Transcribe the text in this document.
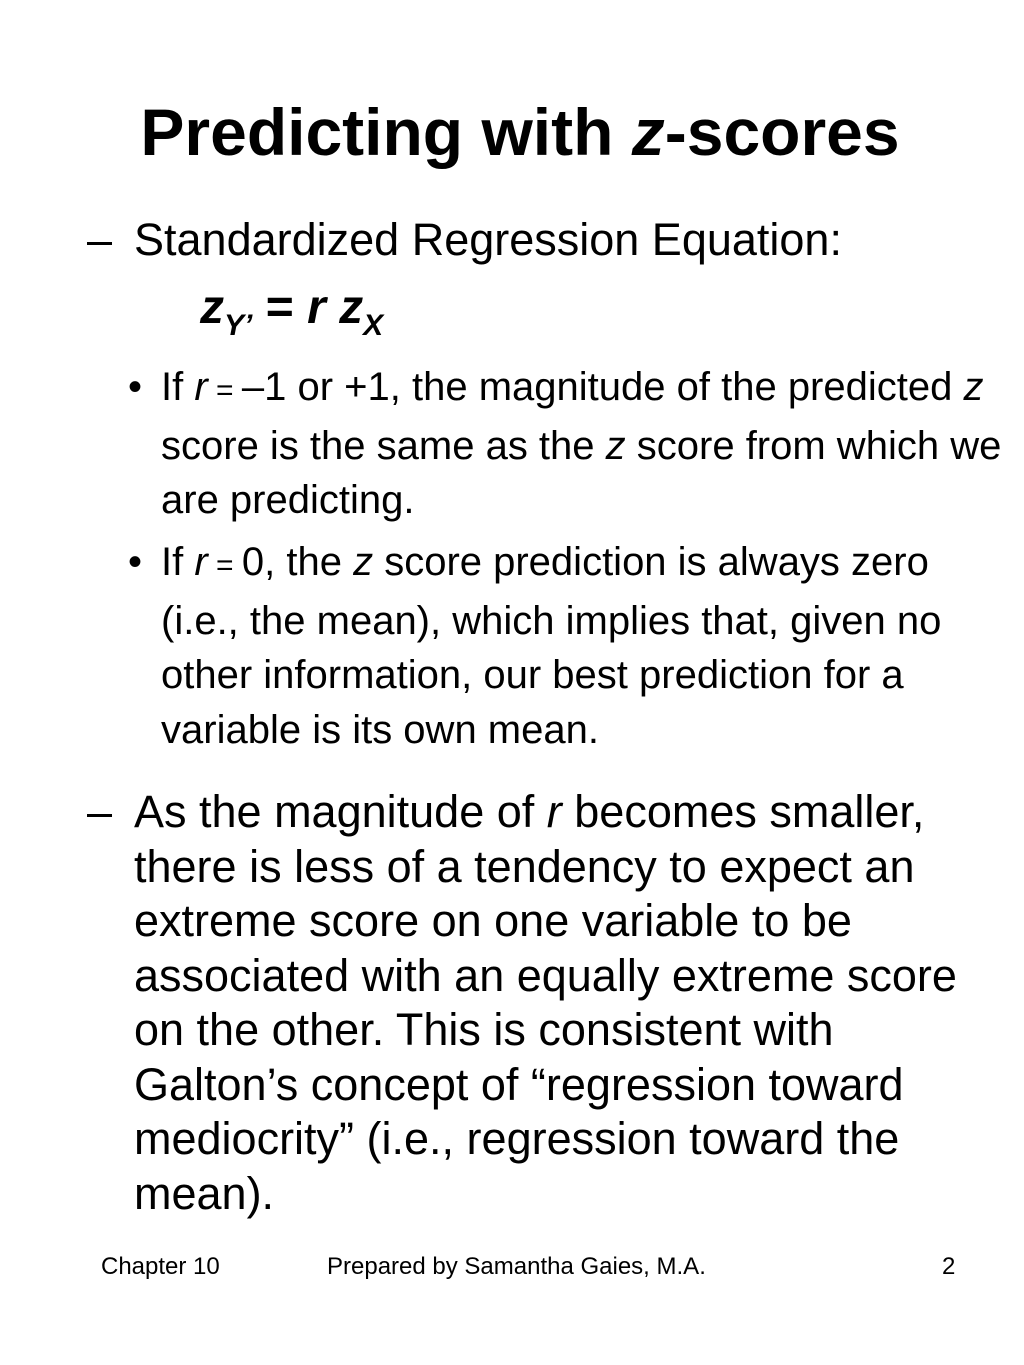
Predicting with z-scores
– Standardized Regression Equation:
$z_{Y’} = r$ $z_X$
• If r = –1 or +1, the magnitude of the predicted z score is the same as the z score from which we are predicting.
• If r = 0, the z score prediction is always zero (i.e., the mean), which implies that, given no other information, our best prediction for a variable is its own mean.
– As the magnitude of r becomes smaller, there is less of a tendency to expect an extreme score on one variable to be associated with an equally extreme score on the other. This is consistent with Galton’s concept of “regression toward mediocrity” (i.e., regression toward the mean).
Chapter 10	Prepared by Samantha Gaies, M.A.	2
